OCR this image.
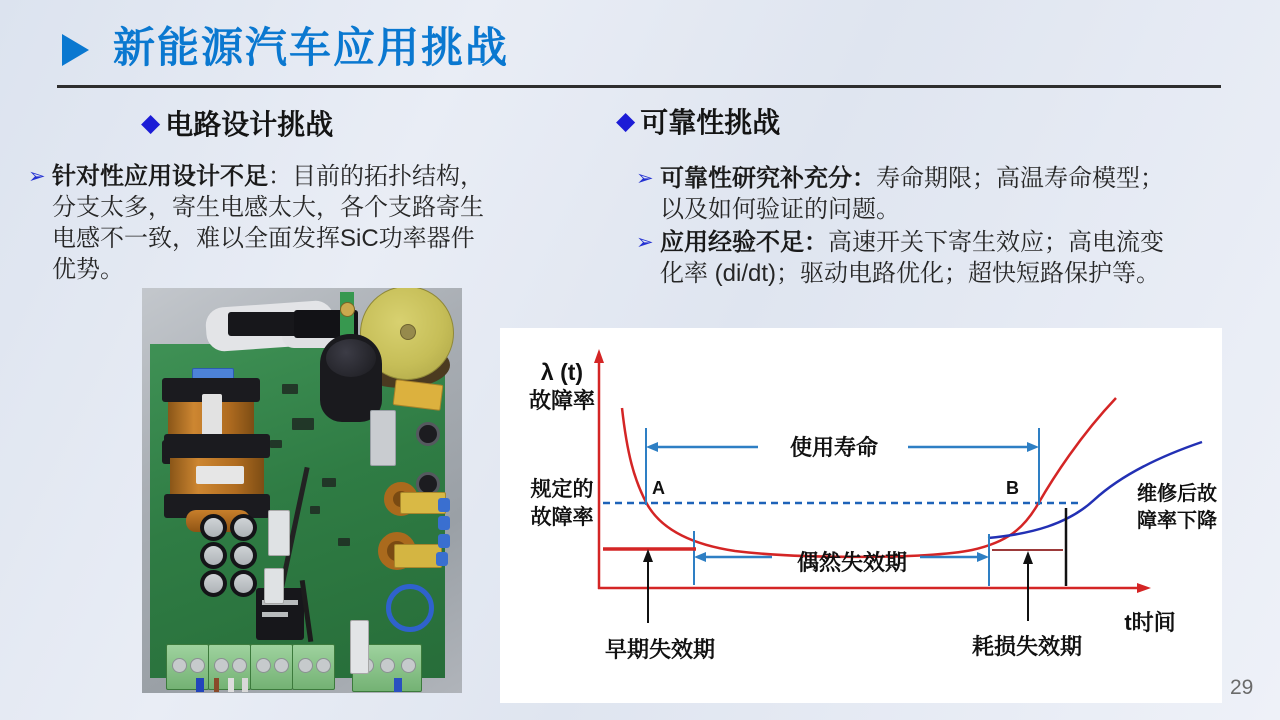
新能源汽车应用挑战
◆ 电路设计挑战
➢ 针对性应用设计不足：目前的拓扑结构，
分支太多，寄生电感太大，各个支路寄生
电感不一致，难以全面发挥SiC功率器件
优势。
◆ 可靠性挑战
➢ 可靠性研究补充分：寿命期限；高温寿命模型；
以及如何验证的问题。
➢ 应用经验不足：高速开关下寄生效应；高电流变
化率 (di/dt)；驱动电路优化；超快短路保护等。
λ (t)
故障率
规定的
故障率
使用寿命
A	B
偶然失效期
早期失效期	耗损失效期
t时间
维修后故
障率下降
29
